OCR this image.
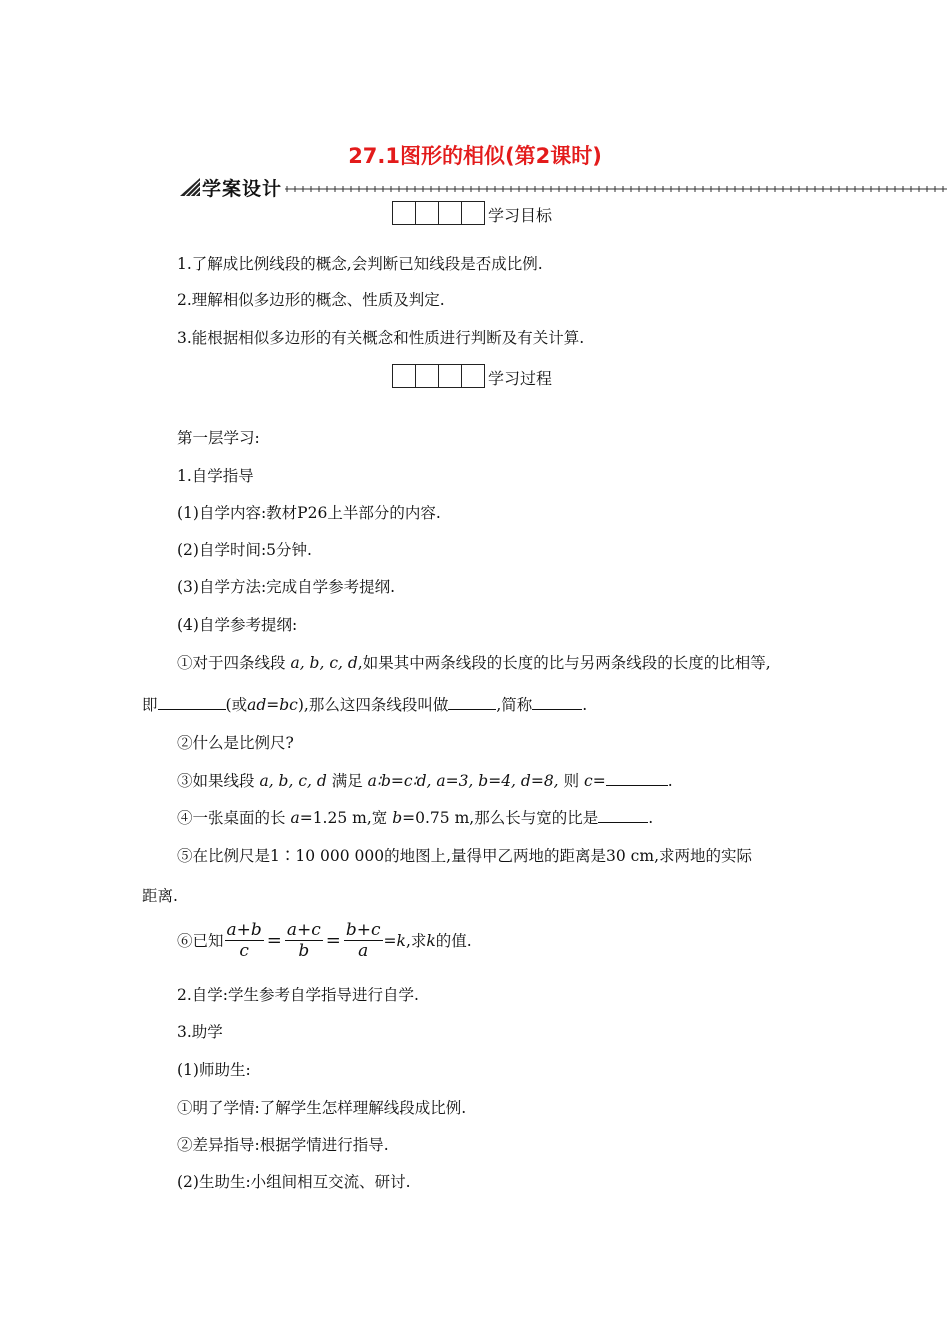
27.1图形的相似(第2课时)
学案设计
学习目标
1.了解成比例线段的概念,会判断已知线段是否成比例.
2.理解相似多边形的概念、性质及判定.
3.能根据相似多边形的有关概念和性质进行判断及有关计算.
学习过程
第一层学习:
1.自学指导
(1)自学内容:教材P26上半部分的内容.
(2)自学时间:5分钟.
(3)自学方法:完成自学参考提纲.
(4)自学参考提纲:
①对于四条线段 a, b, c, d,如果其中两条线段的长度的比与另两条线段的长度的比相等,
即	(或ad=bc),那么这四条线段叫做	,简称	.
②什么是比例尺?
③如果线段 a, b, c, d 满足 a∶b=c∶d, a=3, b=4, d=8, 则 c=	.
④一张桌面的长 a=1.25 m,宽 b=0.75 m,那么长与宽的比是	.
⑤在比例尺是1∶10 000 000的地图上,量得甲乙两地的距离是30 cm,求两地的实际
距离.
⑥已知 $\frac{a+b}{c} = \frac{a+c}{b} = \frac{b+c}{a} = k$ ,求 k 的值.
2.自学:学生参考自学指导进行自学.
3.助学
(1)师助生:
①明了学情:了解学生怎样理解线段成比例.
②差异指导:根据学情进行指导.
(2)生助生:小组间相互交流、研讨.
